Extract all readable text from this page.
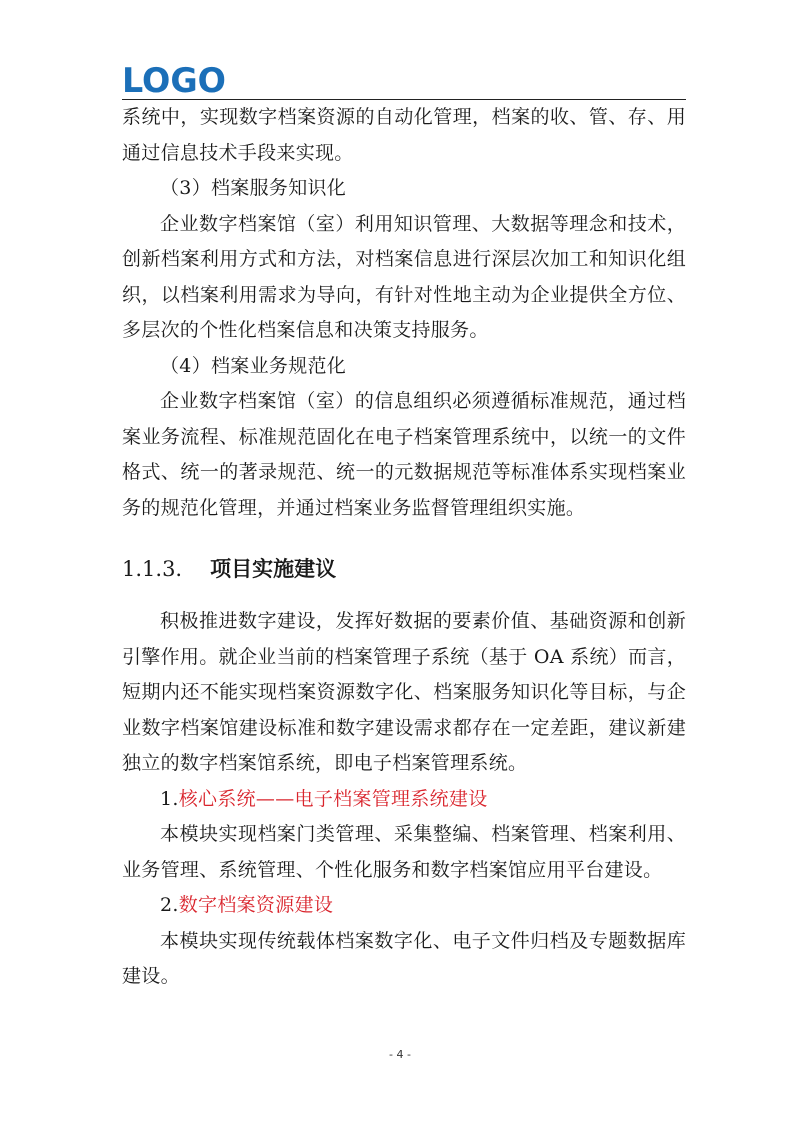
LOGO

系统中，实现数字档案资源的自动化管理，档案的收、管、存、用通过信息技术手段来实现。

（3）档案服务知识化

企业数字档案馆（室）利用知识管理、大数据等理念和技术，创新档案利用方式和方法，对档案信息进行深层次加工和知识化组织，以档案利用需求为导向，有针对性地主动为企业提供全方位、多层次的个性化档案信息和决策支持服务。

（4）档案业务规范化

企业数字档案馆（室）的信息组织必须遵循标准规范，通过档案业务流程、标准规范固化在电子档案管理系统中，以统一的文件格式、统一的著录规范、统一的元数据规范等标准体系实现档案业务的规范化管理，并通过档案业务监督管理组织实施。

1.1.3. 项目实施建议

积极推进数字建设，发挥好数据的要素价值、基础资源和创新引擎作用。就企业当前的档案管理子系统（基于 OA 系统）而言，短期内还不能实现档案资源数字化、档案服务知识化等目标，与企业数字档案馆建设标准和数字建设需求都存在一定差距，建议新建独立的数字档案馆系统，即电子档案管理系统。

1.核心系统——电子档案管理系统建设

本模块实现档案门类管理、采集整编、档案管理、档案利用、业务管理、系统管理、个性化服务和数字档案馆应用平台建设。

2.数字档案资源建设

本模块实现传统载体档案数字化、电子文件归档及专题数据库建设。

- 4 -
